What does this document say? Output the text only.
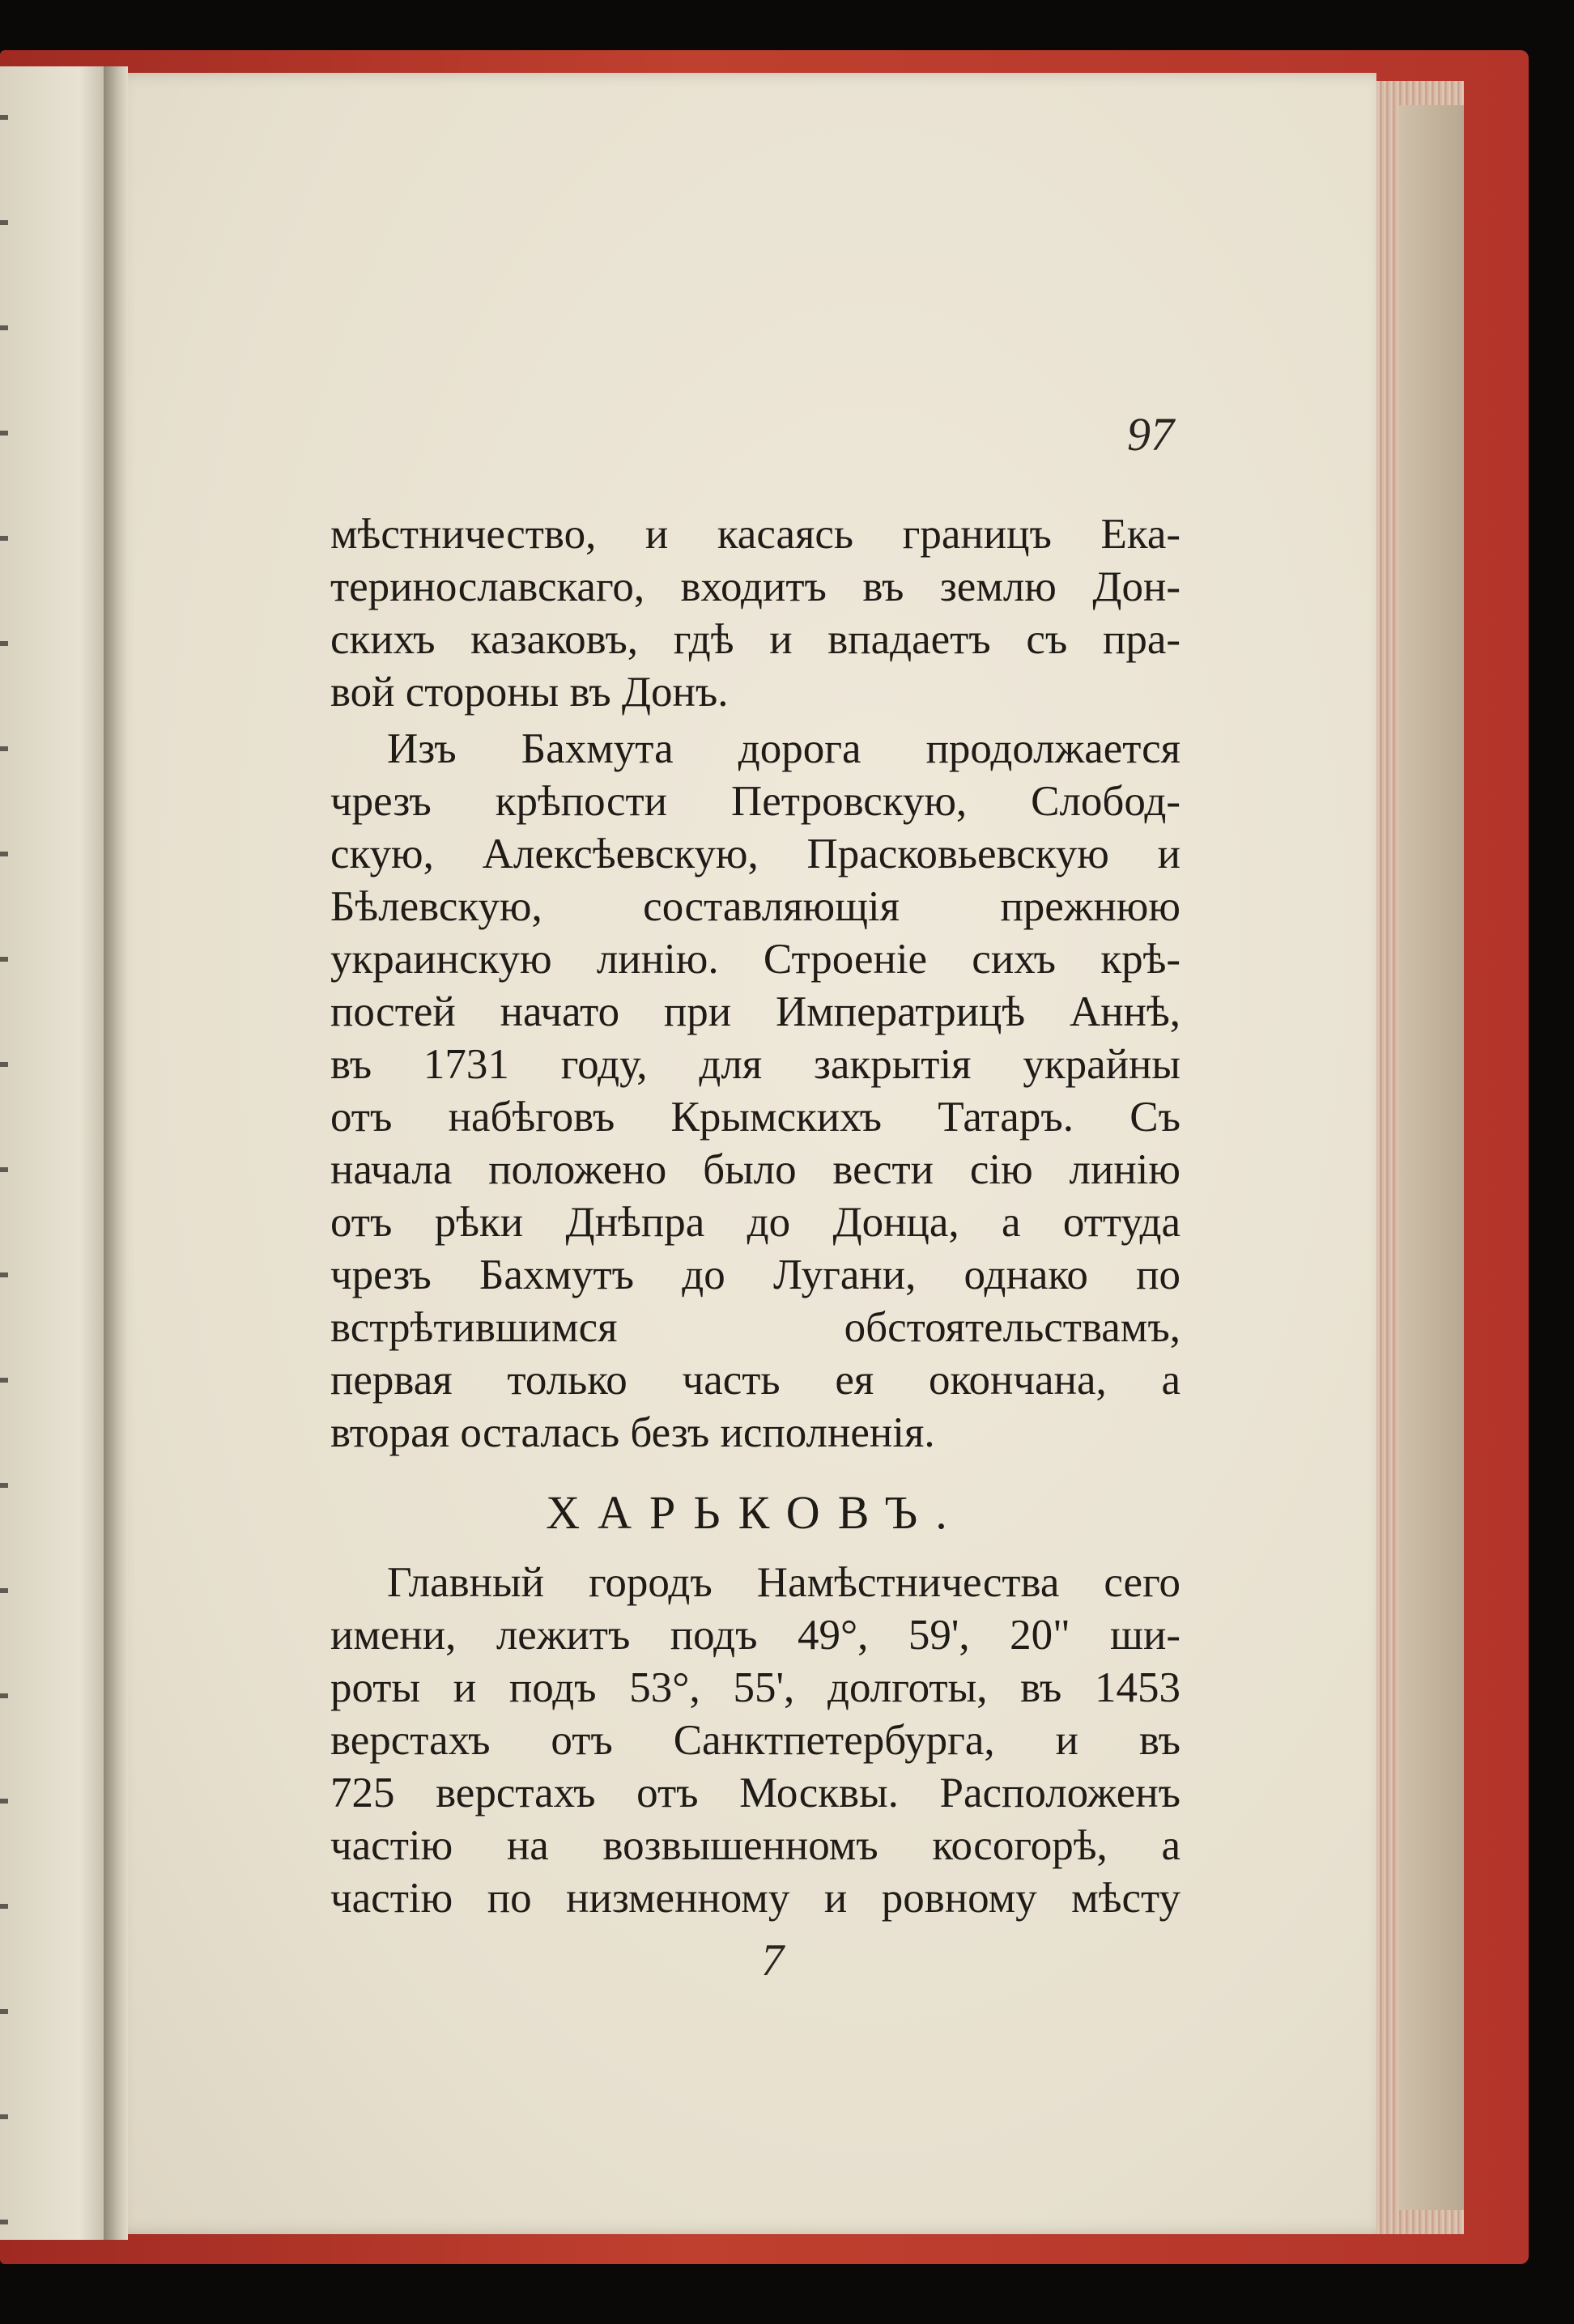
97
мѣстничество, и касаясь границъ Ека-
теринославскаго, входитъ въ землю Дон-
скихъ казаковъ, гдѣ и впадаетъ съ пра-
вой стороны въ Донъ.
Изъ Бахмута дорога продолжается
чрезъ крѣпости Петровскую, Слобод-
скую, Алексѣевскую, Прасковьевскую и
Бѣлевскую, составляющія прежнюю
украинскую линію. Строеніе сихъ крѣ-
постей начато при Императрицѣ Аннѣ,
въ 1731 году, для закрытія украйны
отъ набѣговъ Крымскихъ Татаръ. Съ
начала положено было вести сію линію
отъ рѣки Днѣпра до Донца, а оттуда
чрезъ Бахмутъ до Лугани, однако по
встрѣтившимся обстоятельствамъ,
первая только часть ея окончана, а
вторая осталась безъ исполненія.
ХАРЬКОВЪ.
Главный городъ Намѣстничества сего
имени, лежитъ подъ 49°, 59', 20" ши-
роты и подъ 53°, 55', долготы, въ 1453
верстахъ отъ Санктпетербурга, и въ
725 верстахъ отъ Москвы. Расположенъ
частію на возвышенномъ косогорѣ, а
частію по низменному и ровному мѣсту
7
